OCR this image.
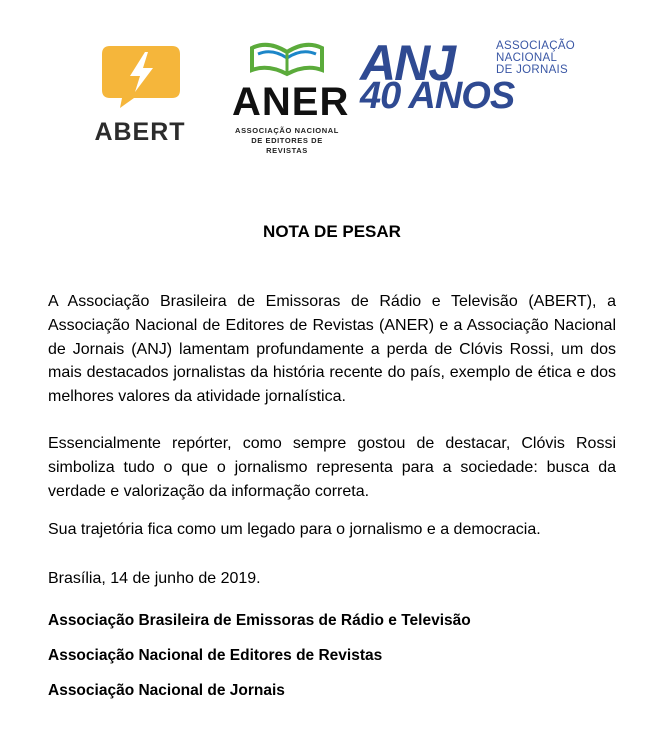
ABERT
ANER
ASSOCIAÇÃO NACIONAL
DE EDITORES DE REVISTAS
ANJ
40 ANOS
ASSOCIAÇÃO
NACIONAL
DE JORNAIS
NOTA DE PESAR

A Associação Brasileira de Emissoras de Rádio e Televisão (ABERT), a Associação Nacional de Editores de Revistas (ANER) e a Associação Nacional de Jornais (ANJ) lamentam profundamente a perda de Clóvis Rossi, um dos mais destacados jornalistas da história recente do país, exemplo de ética e dos melhores valores da atividade jornalística.

Essencialmente repórter, como sempre gostou de destacar, Clóvis Rossi simboliza tudo o que o jornalismo representa para a sociedade: busca da verdade e valorização da informação correta.

Sua trajetória fica como um legado para o jornalismo e a democracia.

Brasília, 14 de junho de 2019.

Associação Brasileira de Emissoras de Rádio e Televisão
Associação Nacional de Editores de Revistas
Associação Nacional de Jornais
